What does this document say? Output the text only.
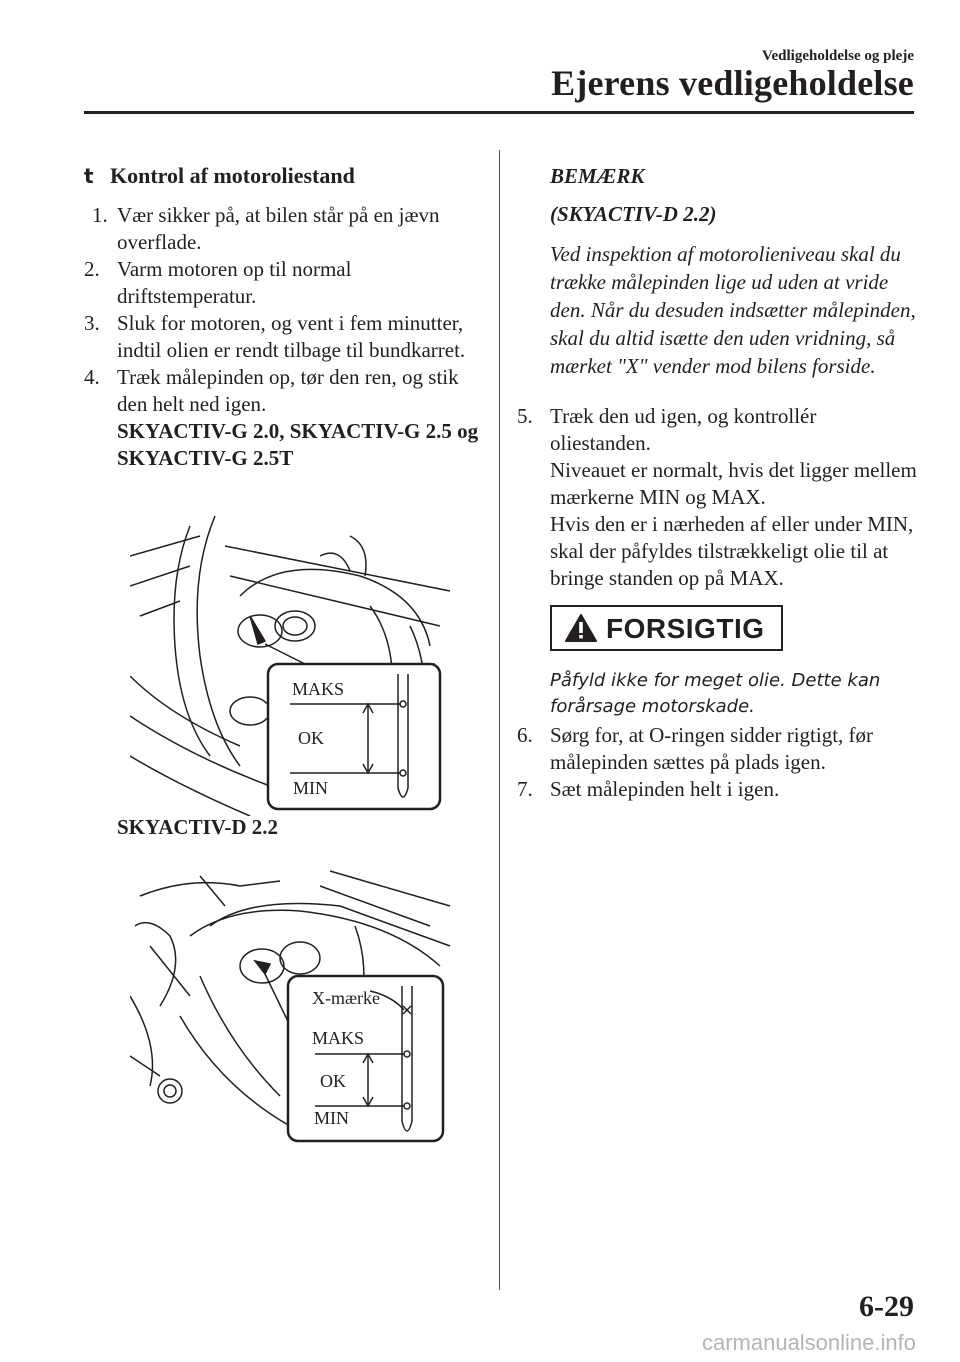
Vedligeholdelse og pleje
Ejerens vedligeholdelse
t Kontrol af motoroliestand
1. Vær sikker på, at bilen står på en jævn overflade.
2. Varm motoren op til normal driftstemperatur.
3. Sluk for motoren, og vent i fem minutter, indtil olien er rendt tilbage til bundkarret.
4. Træk målepinden op, tør den ren, og stik den helt ned igen.
SKYACTIV-G 2.0, SKYACTIV-G 2.5 og SKYACTIV-G 2.5T
MAKS
OK
MIN
SKYACTIV-D 2.2
X-mærke
MAKS
OK
MIN
BEMÆRK
(SKYACTIV-D 2.2)
Ved inspektion af motorolieniveau skal du trække målepinden lige ud uden at vride den. Når du desuden indsætter målepinden, skal du altid isætte den uden vridning, så mærket "X" vender mod bilens forside.
5. Træk den ud igen, og kontrollér oliestanden.
Niveauet er normalt, hvis det ligger mellem mærkerne MIN og MAX.
Hvis den er i nærheden af eller under MIN, skal der påfyldes tilstrækkeligt olie til at bringe standen op på MAX.
FORSIGTIG
Påfyld ikke for meget olie. Dette kan forårsage motorskade.
6. Sørg for, at O-ringen sidder rigtigt, før målepinden sættes på plads igen.
7. Sæt målepinden helt i igen.
6-29
carmanualsonline.info
